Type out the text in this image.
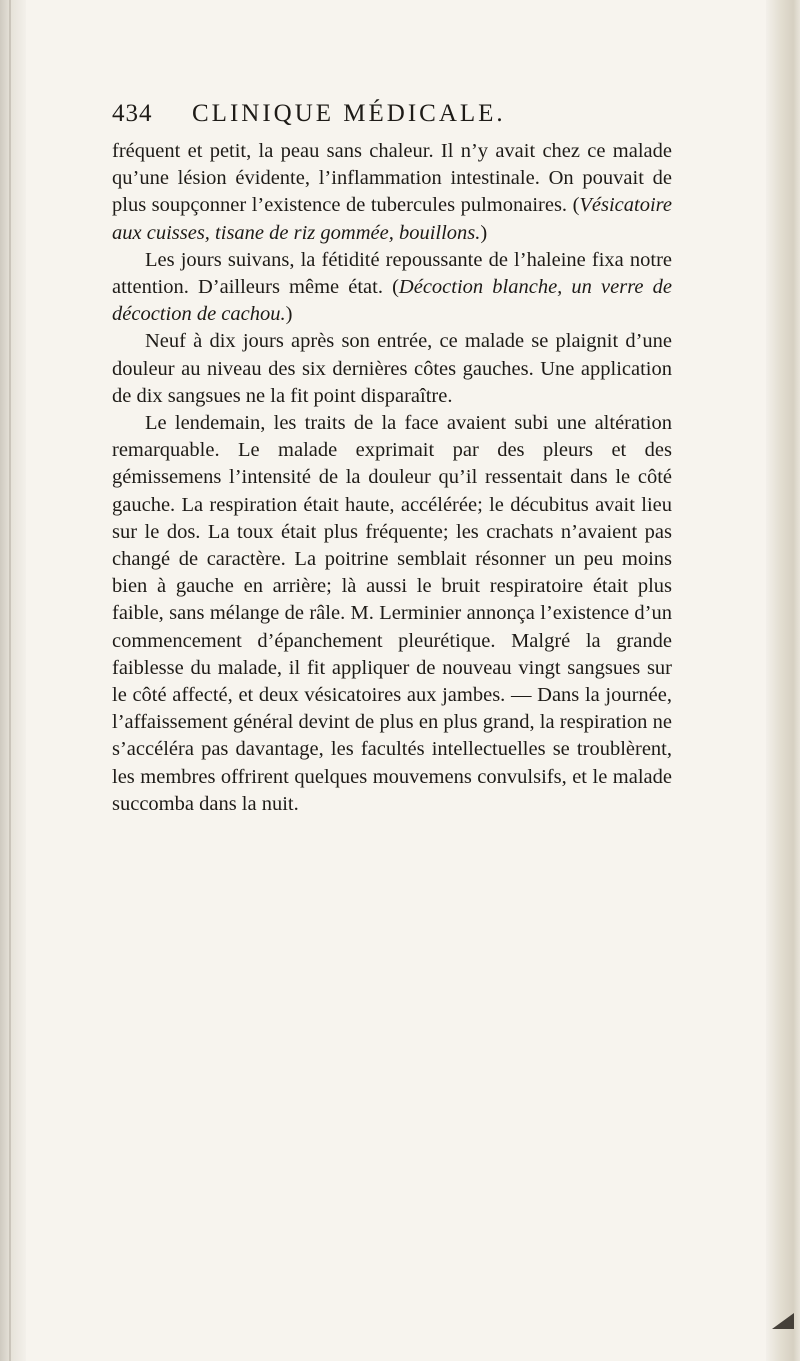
434 CLINIQUE MÉDICALE.

fréquent et petit, la peau sans chaleur. Il n’y avait chez ce malade qu’une lésion évidente, l’inflammation intestinale. On pouvait de plus soupçonner l’existence de tubercules pulmonaires. (Vésicatoire aux cuisses, tisane de riz gommée, bouillons.)

Les jours suivans, la fétidité repoussante de l’haleine fixa notre attention. D’ailleurs même état. (Décoction blanche, un verre de décoction de cachou.)

Neuf à dix jours après son entrée, ce malade se plaignit d’une douleur au niveau des six dernières côtes gauches. Une application de dix sangsues ne la fit point disparaître.

Le lendemain, les traits de la face avaient subi une altération remarquable. Le malade exprimait par des pleurs et des gémissemens l’intensité de la douleur qu’il ressentait dans le côté gauche. La respiration était haute, accélérée; le décubitus avait lieu sur le dos. La toux était plus fréquente; les crachats n’avaient pas changé de caractère. La poitrine semblait résonner un peu moins bien à gauche en arrière; là aussi le bruit respiratoire était plus faible, sans mélange de râle. M. Lerminier annonça l’existence d’un commencement d’épanchement pleurétique. Malgré la grande faiblesse du malade, il fit appliquer de nouveau vingt sangsues sur le côté affecté, et deux vésicatoires aux jambes. — Dans la journée, l’affaissement général devint de plus en plus grand, la respiration ne s’accéléra pas davantage, les facultés intellectuelles se troublèrent, les membres offrirent quelques mouvemens convulsifs, et le malade succomba dans la nuit.
